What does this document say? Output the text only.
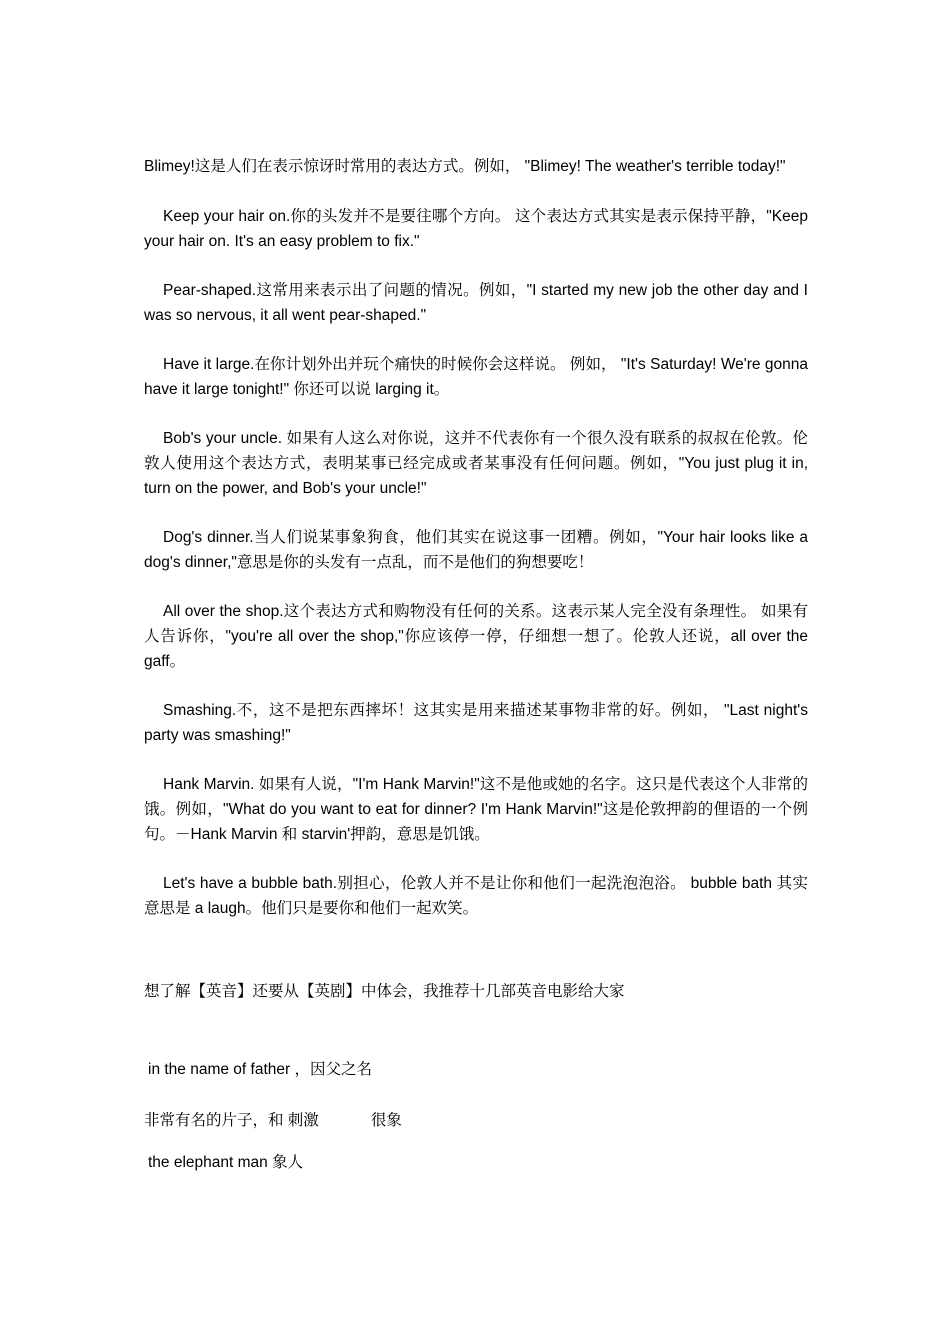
Blimey!这是人们在表示惊讶时常用的表达方式。例如， "Blimey! The weather's terrible today!"

Keep your hair on.你的头发并不是要往哪个方向。 这个表达方式其实是表示保持平静，"Keep your hair on. It's an easy problem to fix."

Pear-shaped.这常用来表示出了问题的情况。例如，"I started my new job the other day and I was so nervous, it all went pear-shaped."

Have it large.在你计划外出并玩个痛快的时候你会这样说。 例如， "It's Saturday! We're gonna have it large tonight!" 你还可以说 larging it。

Bob's your uncle. 如果有人这么对你说，这并不代表你有一个很久没有联系的叔叔在伦敦。伦敦人使用这个表达方式，表明某事已经完成或者某事没有任何问题。例如，"You just plug it in, turn on the power, and Bob's your uncle!"

Dog's dinner.当人们说某事象狗食，他们其实在说这事一团糟。例如，"Your hair looks like a dog's dinner,"意思是你的头发有一点乱，而不是他们的狗想要吃！

All over the shop.这个表达方式和购物没有任何的关系。这表示某人完全没有条理性。 如果有人告诉你，"you're all over the shop,"你应该停一停，仔细想一想了。伦敦人还说，all over the gaff。

Smashing.不，这不是把东西摔坏！这其实是用来描述某事物非常的好。例如， "Last night's party was smashing!"

Hank Marvin. 如果有人说，"I'm Hank Marvin!"这不是他或她的名字。这只是代表这个人非常的饿。例如，"What do you want to eat for dinner? I'm Hank Marvin!"这是伦敦押韵的俚语的一个例句。－Hank Marvin 和 starvin'押韵，意思是饥饿。

Let's have a bubble bath.别担心，伦敦人并不是让你和他们一起洗泡泡浴。 bubble bath 其实意思是 a laugh。他们只是要你和他们一起欢笑。

想了解【英音】还要从【英剧】中体会，我推荐十几部英音电影给大家
in the name of father ，因父之名
非常有名的片子，和 刺激	很象
the elephant man 象人
